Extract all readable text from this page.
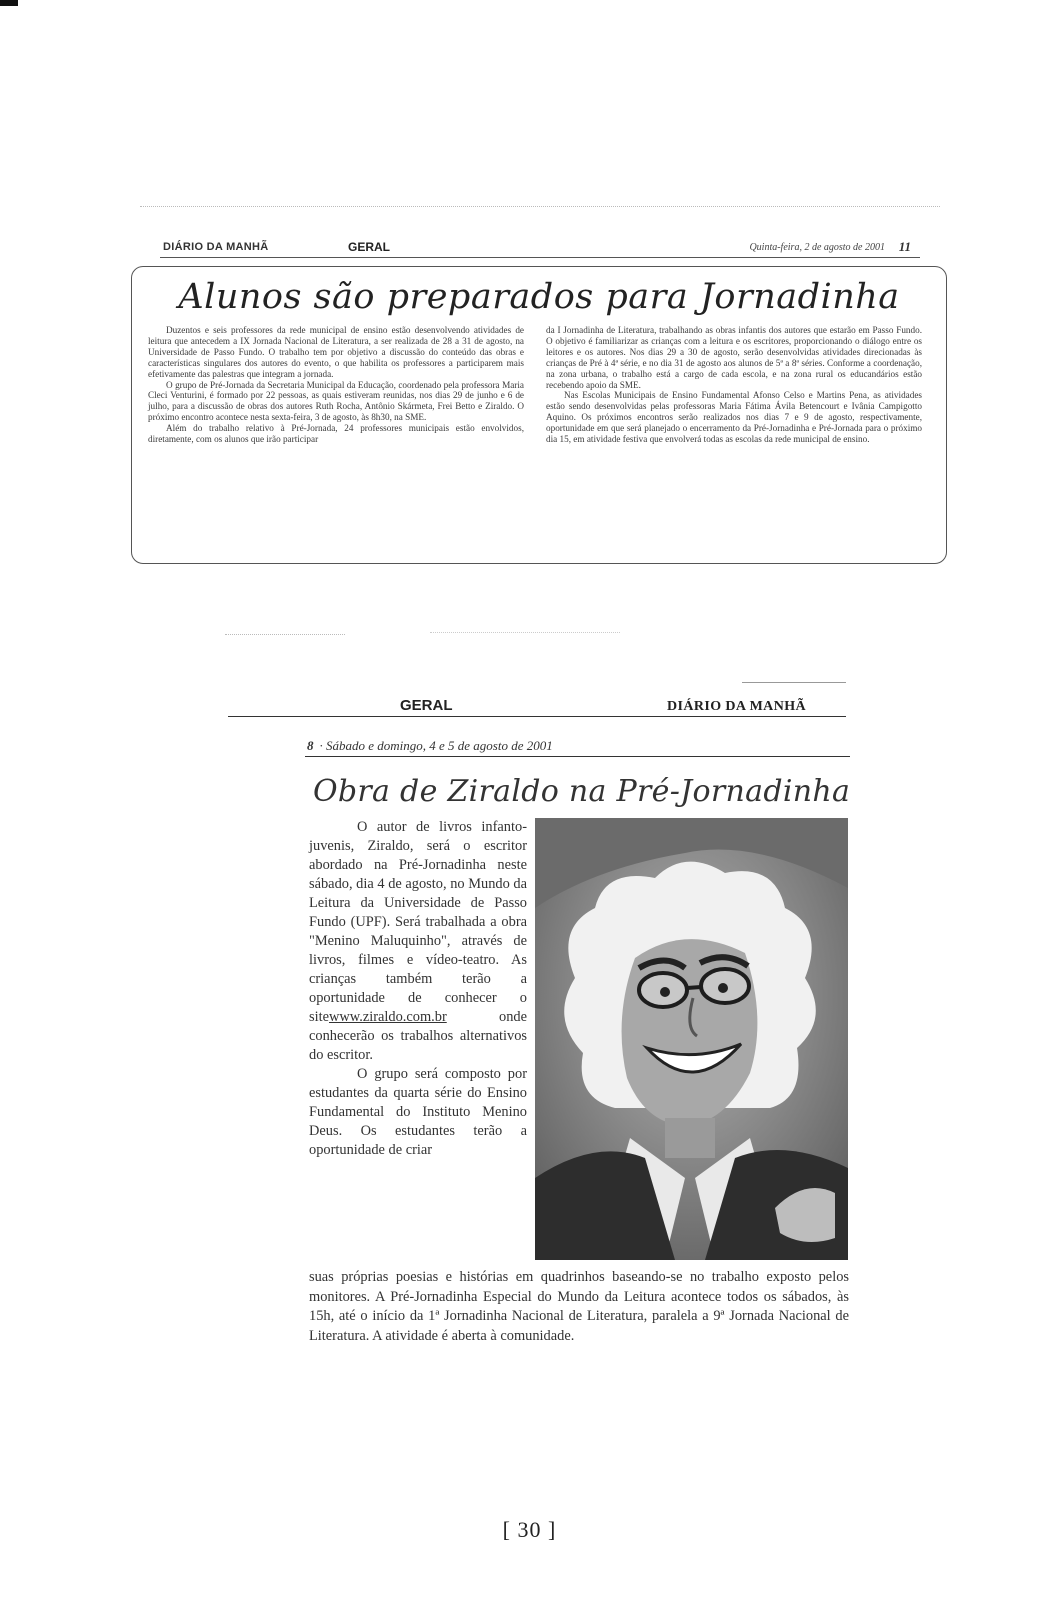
DIÁRIO DA MANHÃ	GERAL	Quinta-feira, 2 de agosto de 2001 11
Alunos são preparados para Jornadinha

Duzentos e seis professores da rede municipal de ensino estão desenvolvendo atividades de leitura que antecedem a IX Jornada Nacional de Literatura, a ser realizada de 28 a 31 de agosto, na Universidade de Passo Fundo. O trabalho tem por objetivo a discussão do conteúdo das obras e características singulares dos autores do evento, o que habilita os professores a participarem mais efetivamente das palestras que integram a jornada.

O grupo de Pré-Jornada da Secretaria Municipal da Educação, coordenado pela professora Maria Cleci Venturini, é formado por 22 pessoas, as quais estiveram reunidas, nos dias 29 de junho e 6 de julho, para a discussão de obras dos autores Ruth Rocha, Antônio Skármeta, Frei Betto e Ziraldo. O próximo encontro acontece nesta sexta-feira, 3 de agosto, às 8h30, na SME.

Além do trabalho relativo à Pré-Jornada, 24 professores municipais estão envolvidos, diretamente, com os alunos que irão participar

da I Jornadinha de Literatura, trabalhando as obras infantis dos autores que estarão em Passo Fundo. O objetivo é familiarizar as crianças com a leitura e os escritores, proporcionando o diálogo entre os leitores e os autores. Nos dias 29 a 30 de agosto, serão desenvolvidas atividades direcionadas às crianças de Pré à 4ª série, e no dia 31 de agosto aos alunos de 5ª a 8ª séries. Conforme a coordenação, na zona urbana, o trabalho está a cargo de cada escola, e na zona rural os educandários estão recebendo apoio da SME.

Nas Escolas Municipais de Ensino Fundamental Afonso Celso e Martins Pena, as atividades estão sendo desenvolvidas pelas professoras Maria Fátima Ávila Betencourt e Ivânia Campigotto Aquino. Os próximos encontros serão realizados nos dias 7 e 9 de agosto, respectivamente, oportunidade em que será planejado o encerramento da Pré-Jornadinha e Pré-Jornada para o próximo dia 15, em atividade festiva que envolverá todas as escolas da rede municipal de ensino.

GERAL	DIÁRIO DA MANHÃ
8 · Sábado e domingo, 4 e 5 de agosto de 2001
Obra de Ziraldo na Pré-Jornadinha

O autor de livros infanto-juvenis, Ziraldo, será o escritor abordado na Pré-Jornadinha neste sábado, dia 4 de agosto, no Mundo da Leitura da Universidade de Passo Fundo (UPF). Será trabalhada a obra "Menino Maluquinho", através de livros, filmes e vídeo-teatro. As crianças também terão a oportunidade de conhecer o sitewww.ziraldo.com.br onde conhecerão os trabalhos alternativos do escritor.

O grupo será composto por estudantes da quarta série do Ensino Fundamental do Instituto Menino Deus. Os estudantes terão a oportunidade de criar

suas próprias poesias e histórias em quadrinhos baseando-se no trabalho exposto pelos monitores. A Pré-Jornadinha Especial do Mundo da Leitura acontece todos os sábados, às 15h, até o início da 1ª Jornadinha Nacional de Literatura, paralela a 9ª Jornada Nacional de Literatura. A atividade é aberta à comunidade.
[ 30 ]
